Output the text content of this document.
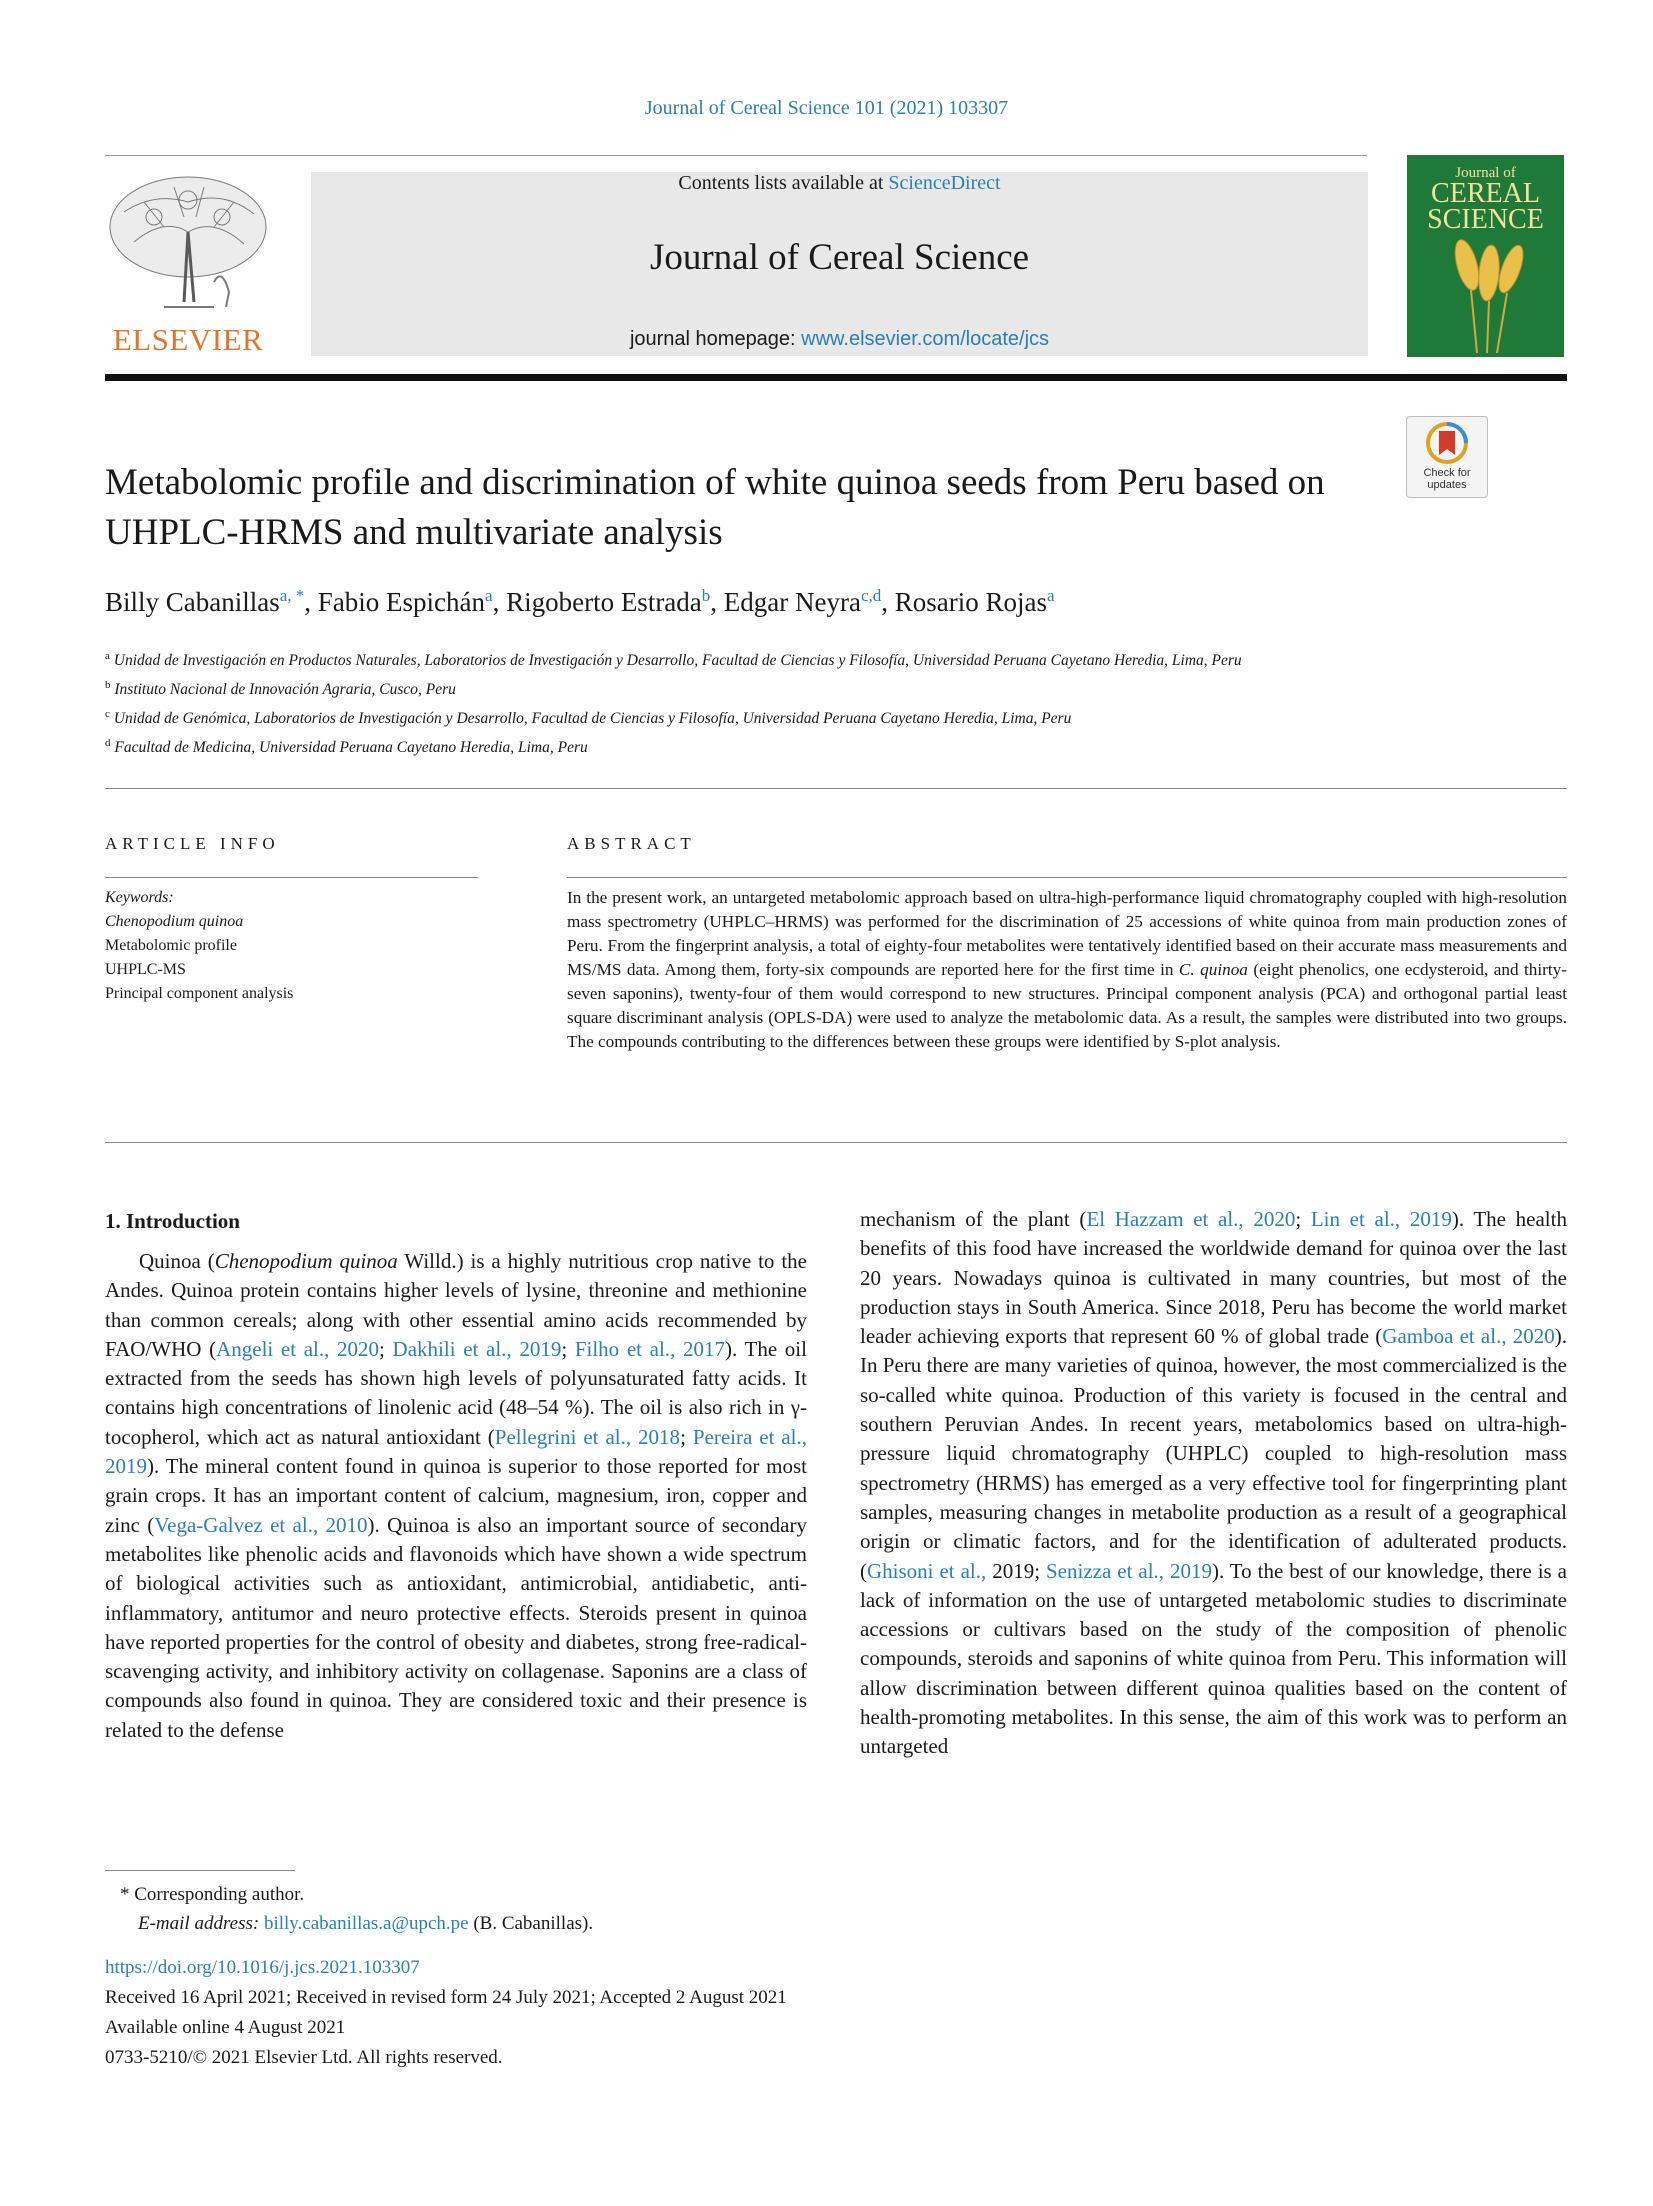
Journal of Cereal Science 101 (2021) 103307
ELSEVIER
Contents lists available at ScienceDirect
Journal of Cereal Science
journal homepage: www.elsevier.com/locate/jcs
Journal of
CEREAL
SCIENCE
Check for updates
Metabolomic profile and discrimination of white quinoa seeds from Peru based on UHPLC-HRMS and multivariate analysis
Billy Cabanillas$^{a, *}$, Fabio Espichán$^a$, Rigoberto Estrada$^b$, Edgar Neyra$^{c,d}$, Rosario Rojas$^a$
$^a$ Unidad de Investigación en Productos Naturales, Laboratorios de Investigación y Desarrollo, Facultad de Ciencias y Filosofía, Universidad Peruana Cayetano Heredia, Lima, Peru
$^b$ Instituto Nacional de Innovación Agraria, Cusco, Peru
$^c$ Unidad de Genómica, Laboratorios de Investigación y Desarrollo, Facultad de Ciencias y Filosofía, Universidad Peruana Cayetano Heredia, Lima, Peru
$^d$ Facultad de Medicina, Universidad Peruana Cayetano Heredia, Lima, Peru
ARTICLE INFO	ABSTRACT
Keywords:
Chenopodium quinoa
Metabolomic profile
UHPLC-MS
Principal component analysis
In the present work, an untargeted metabolomic approach based on ultra-high-performance liquid chromatography coupled with high-resolution mass spectrometry (UHPLC–HRMS) was performed for the discrimination of 25 accessions of white quinoa from main production zones of Peru. From the fingerprint analysis, a total of eighty-four metabolites were tentatively identified based on their accurate mass measurements and MS/MS data. Among them, forty-six compounds are reported here for the first time in C. quinoa (eight phenolics, one ecdysteroid, and thirty-seven saponins), twenty-four of them would correspond to new structures. Principal component analysis (PCA) and orthogonal partial least square discriminant analysis (OPLS-DA) were used to analyze the metabolomic data. As a result, the samples were distributed into two groups. The compounds contributing to the differences between these groups were identified by S-plot analysis.
1. Introduction

Quinoa (Chenopodium quinoa Willd.) is a highly nutritious crop native to the Andes. Quinoa protein contains higher levels of lysine, threonine and methionine than common cereals; along with other essential amino acids recommended by FAO/WHO (Angeli et al., 2020; Dakhili et al., 2019; Filho et al., 2017). The oil extracted from the seeds has shown high levels of polyunsaturated fatty acids. It contains high concentrations of linolenic acid (48–54 %). The oil is also rich in γ-tocopherol, which act as natural antioxidant (Pellegrini et al., 2018; Pereira et al., 2019). The mineral content found in quinoa is superior to those reported for most grain crops. It has an important content of calcium, magnesium, iron, copper and zinc (Vega-Galvez et al., 2010). Quinoa is also an important source of secondary metabolites like phenolic acids and flavonoids which have shown a wide spectrum of biological activities such as antioxidant, antimicrobial, antidiabetic, anti-inflammatory, antitumor and neuro protective effects. Steroids present in quinoa have reported properties for the control of obesity and diabetes, strong free-radical-scavenging activity, and inhibitory activity on collagenase. Saponins are a class of compounds also found in quinoa. They are considered toxic and their presence is related to the defense

mechanism of the plant (El Hazzam et al., 2020; Lin et al., 2019). The health benefits of this food have increased the worldwide demand for quinoa over the last 20 years. Nowadays quinoa is cultivated in many countries, but most of the production stays in South America. Since 2018, Peru has become the world market leader achieving exports that represent 60 % of global trade (Gamboa et al., 2020). In Peru there are many varieties of quinoa, however, the most commercialized is the so-called white quinoa. Production of this variety is focused in the central and southern Peruvian Andes. In recent years, metabolomics based on ultra-high-pressure liquid chromatography (UHPLC) coupled to high-resolution mass spectrometry (HRMS) has emerged as a very effective tool for fingerprinting plant samples, measuring changes in metabolite production as a result of a geographical origin or climatic factors, and for the identification of adulterated products. (Ghisoni et al., 2019; Senizza et al., 2019). To the best of our knowledge, there is a lack of information on the use of untargeted metabolomic studies to discriminate accessions or cultivars based on the study of the composition of phenolic compounds, steroids and saponins of white quinoa from Peru. This information will allow discrimination between different quinoa qualities based on the content of health-promoting metabolites. In this sense, the aim of this work was to perform an untargeted

* Corresponding author.
E-mail address: billy.cabanillas.a@upch.pe (B. Cabanillas).
https://doi.org/10.1016/j.jcs.2021.103307
Received 16 April 2021; Received in revised form 24 July 2021; Accepted 2 August 2021
Available online 4 August 2021
0733-5210/© 2021 Elsevier Ltd. All rights reserved.
